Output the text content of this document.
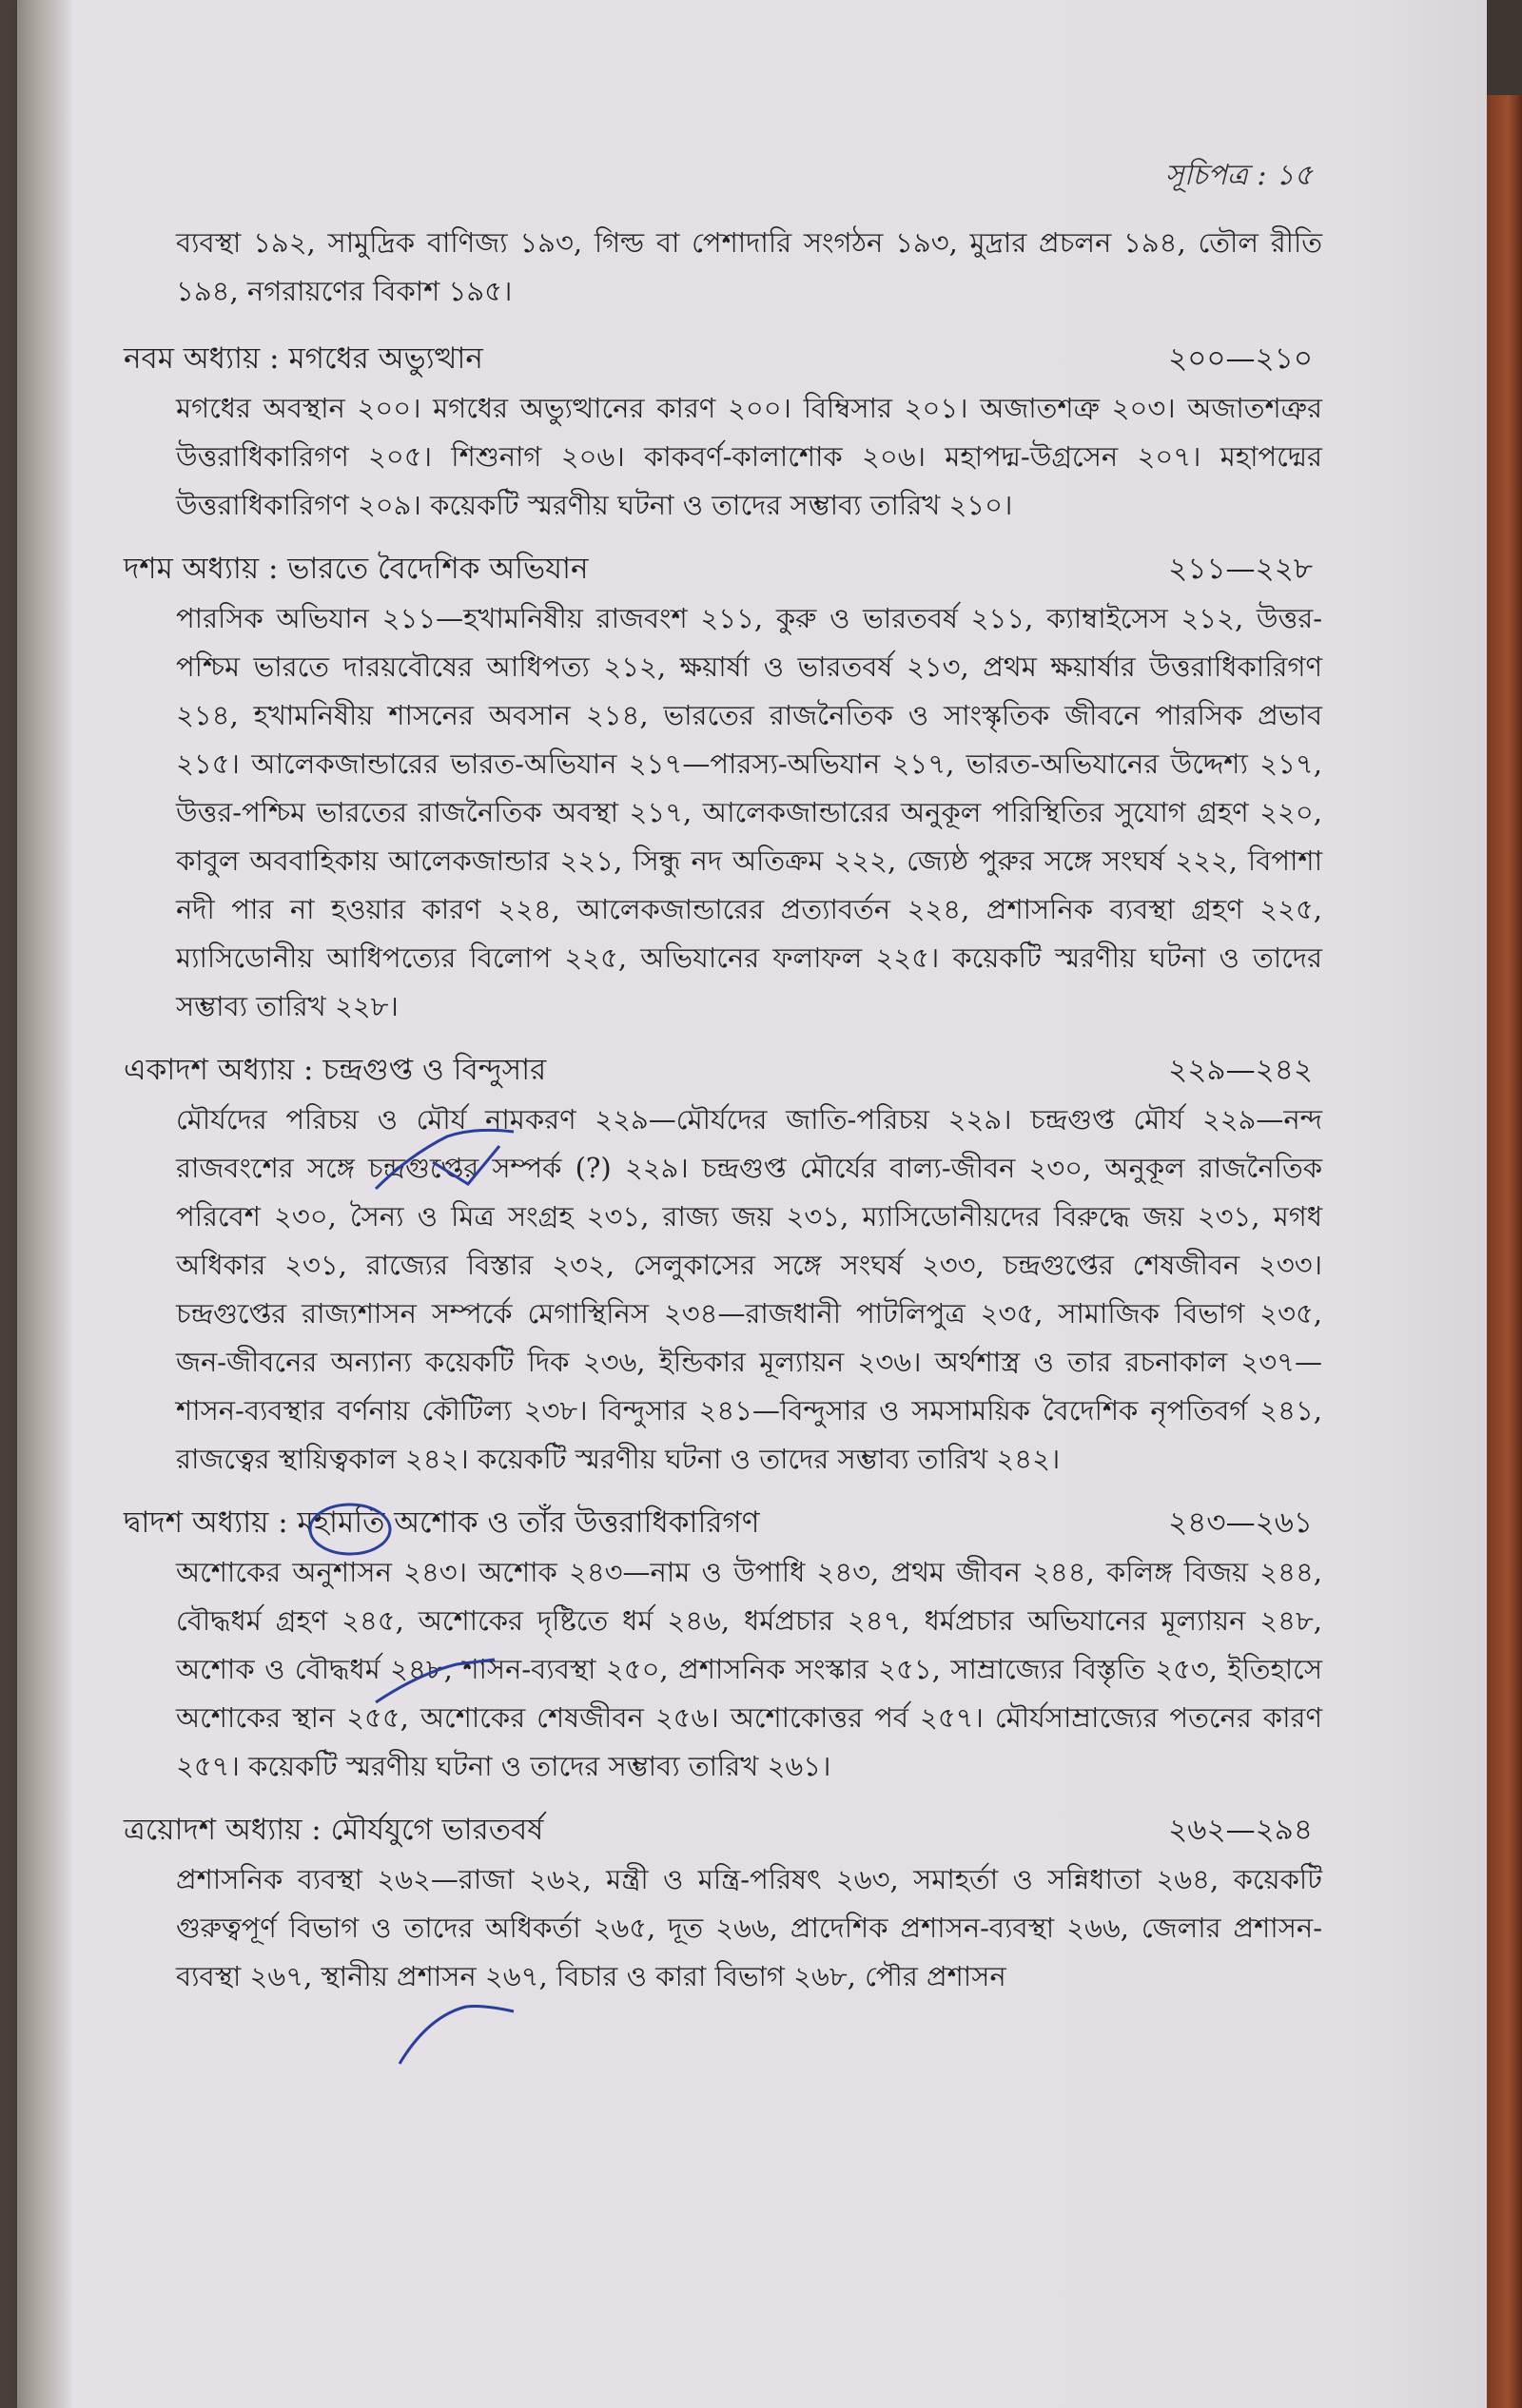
সূচিপত্র : ১৫
ব্যবস্থা ১৯২, সামুদ্রিক বাণিজ্য ১৯৩, গিল্ড বা পেশাদারি সংগঠন ১৯৩, মুদ্রার প্রচলন ১৯৪, তৌল রীতি ১৯৪, নগরায়ণের বিকাশ ১৯৫।
নবম অধ্যায় : মগধের অভ্যুত্থান	২০০—২১০
মগধের অবস্থান ২০০। মগধের অভ্যুত্থানের কারণ ২০০। বিম্বিসার ২০১। অজাতশত্রু ২০৩। অজাতশত্রুর উত্তরাধিকারিগণ ২০৫। শিশুনাগ ২০৬। কাকবর্ণ-কালাশোক ২০৬। মহাপদ্ম-উগ্রসেন ২০৭। মহাপদ্মের উত্তরাধিকারিগণ ২০৯। কয়েকটি স্মরণীয় ঘটনা ও তাদের সম্ভাব্য তারিখ ২১০।
দশম অধ্যায় : ভারতে বৈদেশিক অভিযান	২১১—২২৮
পারসিক অভিযান ২১১—হখামনিষীয় রাজবংশ ২১১, কুরু ও ভারতবর্ষ ২১১, ক্যাম্বাইসেস ২১২, উত্তর-পশ্চিম ভারতে দারয়বৌষের আধিপত্য ২১২, ক্ষয়ার্ষা ও ভারতবর্ষ ২১৩, প্রথম ক্ষয়ার্ষার উত্তরাধিকারিগণ ২১৪, হখামনিষীয় শাসনের অবসান ২১৪, ভারতের রাজনৈতিক ও সাংস্কৃতিক জীবনে পারসিক প্রভাব ২১৫। আলেকজান্ডারের ভারত-অভিযান ২১৭—পারস্য-অভিযান ২১৭, ভারত-অভিযানের উদ্দেশ্য ২১৭, উত্তর-পশ্চিম ভারতের রাজনৈতিক অবস্থা ২১৭, আলেকজান্ডারের অনুকূল পরিস্থিতির সুযোগ গ্রহণ ২২০, কাবুল অববাহিকায় আলেকজান্ডার ২২১, সিন্ধু নদ অতিক্রম ২২২, জ্যেষ্ঠ পুরুর সঙ্গে সংঘর্ষ ২২২, বিপাশা নদী পার না হওয়ার কারণ ২২৪, আলেকজান্ডারের প্রত্যাবর্তন ২২৪, প্রশাসনিক ব্যবস্থা গ্রহণ ২২৫, ম্যাসিডোনীয় আধিপত্যের বিলোপ ২২৫, অভিযানের ফলাফল ২২৫। কয়েকটি স্মরণীয় ঘটনা ও তাদের সম্ভাব্য তারিখ ২২৮।
একাদশ অধ্যায় : চন্দ্রগুপ্ত ও বিন্দুসার	২২৯—২৪২
মৌর্যদের পরিচয় ও মৌর্য নামকরণ ২২৯—মৌর্যদের জাতি-পরিচয় ২২৯। চন্দ্রগুপ্ত মৌর্য ২২৯—নন্দ রাজবংশের সঙ্গে চন্দ্রগুপ্তের সম্পর্ক (?) ২২৯। চন্দ্রগুপ্ত মৌর্যের বাল্য-জীবন ২৩০, অনুকূল রাজনৈতিক পরিবেশ ২৩০, সৈন্য ও মিত্র সংগ্রহ ২৩১, রাজ্য জয় ২৩১, ম্যাসিডোনীয়দের বিরুদ্ধে জয় ২৩১, মগধ অধিকার ২৩১, রাজ্যের বিস্তার ২৩২, সেলুকাসের সঙ্গে সংঘর্ষ ২৩৩, চন্দ্রগুপ্তের শেষজীবন ২৩৩। চন্দ্রগুপ্তের রাজ্যশাসন সম্পর্কে মেগাস্থিনিস ২৩৪—রাজধানী পাটলিপুত্র ২৩৫, সামাজিক বিভাগ ২৩৫, জন-জীবনের অন্যান্য কয়েকটি দিক ২৩৬, ইন্ডিকার মূল্যায়ন ২৩৬। অর্থশাস্ত্র ও তার রচনাকাল ২৩৭—শাসন-ব্যবস্থার বর্ণনায় কৌটিল্য ২৩৮। বিন্দুসার ২৪১—বিন্দুসার ও সমসাময়িক বৈদেশিক নৃপতিবর্গ ২৪১, রাজত্বের স্থায়িত্বকাল ২৪২। কয়েকটি স্মরণীয় ঘটনা ও তাদের সম্ভাব্য তারিখ ২৪২।
দ্বাদশ অধ্যায় : মহামতি অশোক ও তাঁর উত্তরাধিকারিগণ	২৪৩—২৬১
অশোকের অনুশাসন ২৪৩। অশোক ২৪৩—নাম ও উপাধি ২৪৩, প্রথম জীবন ২৪৪, কলিঙ্গ বিজয় ২৪৪, বৌদ্ধধর্ম গ্রহণ ২৪৫, অশোকের দৃষ্টিতে ধর্ম ২৪৬, ধর্মপ্রচার ২৪৭, ধর্মপ্রচার অভিযানের মূল্যায়ন ২৪৮, অশোক ও বৌদ্ধধর্ম ২৪৮, শাসন-ব্যবস্থা ২৫০, প্রশাসনিক সংস্কার ২৫১, সাম্রাজ্যের বিস্তৃতি ২৫৩, ইতিহাসে অশোকের স্থান ২৫৫, অশোকের শেষজীবন ২৫৬। অশোকোত্তর পর্ব ২৫৭। মৌর্যসাম্রাজ্যের পতনের কারণ ২৫৭। কয়েকটি স্মরণীয় ঘটনা ও তাদের সম্ভাব্য তারিখ ২৬১।
ত্রয়োদশ অধ্যায় : মৌর্যযুগে ভারতবর্ষ	২৬২—২৯৪
প্রশাসনিক ব্যবস্থা ২৬২—রাজা ২৬২, মন্ত্রী ও মন্ত্রি-পরিষৎ ২৬৩, সমাহর্তা ও সন্নিধাতা ২৬৪, কয়েকটি গুরুত্বপূর্ণ বিভাগ ও তাদের অধিকর্তা ২৬৫, দূত ২৬৬, প্রাদেশিক প্রশাসন-ব্যবস্থা ২৬৬, জেলার প্রশাসন-ব্যবস্থা ২৬৭, স্থানীয় প্রশাসন ২৬৭, বিচার ও কারা বিভাগ ২৬৮, পৌর প্রশাসন
